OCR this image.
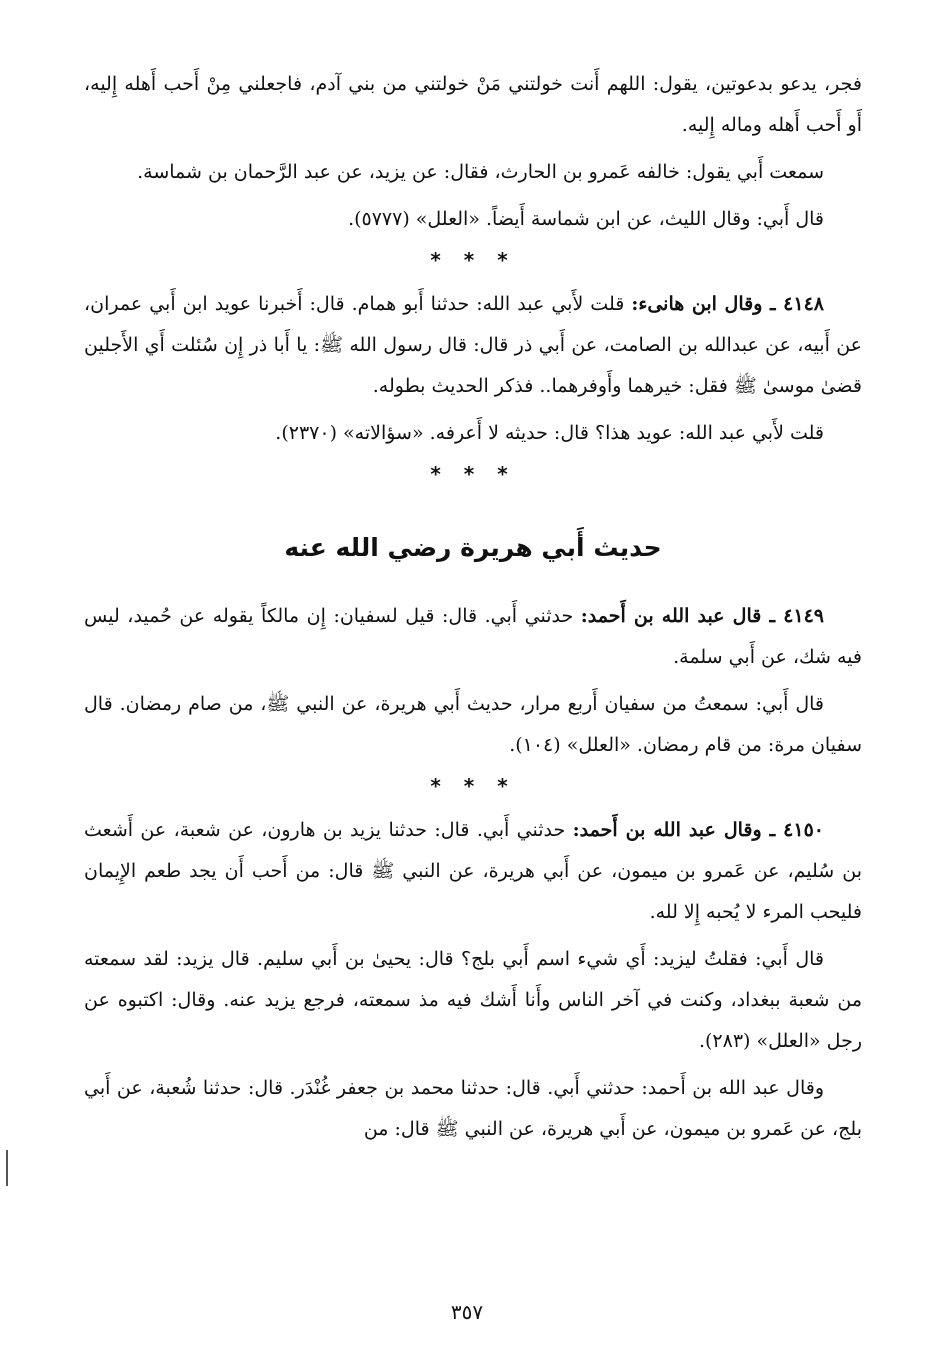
فجر، يدعو بدعوتين، يقول: اللهم أَنت خولتني مَنْ خولتني من بني آدم، فاجعلني مِنْ أَحب أَهله إِليه، أَو أَحب أَهله وماله إِليه.

سمعت أَبي يقول: خالفه عَمرو بن الحارث، فقال: عن يزيد، عن عبد الرَّحمان بن شماسة.

قال أَبي: وقال الليث، عن ابن شماسة أَيضاً. «العلل» (٥٧٧٧).

* * *

٤١٤٨ ـ وقال ابن هانىء: قلت لأَبي عبد الله: حدثنا أَبو همام. قال: أَخبرنا عويد ابن أَبي عمران، عن أَبيه، عن عبدالله بن الصامت، عن أَبي ذر قال: قال رسول الله ﷺ: يا أَبا ذر إِن سُئلت أَي الأَجلين قضىٰ موسىٰ ﷺ فقل: خيرهما وأَوفرهما.. فذكر الحديث بطوله.

قلت لأَبي عبد الله: عويد هذا؟ قال: حديثه لا أَعرفه. «سؤالاته» (٢٣٧٠).

* * *
حديث أَبي هريرة رضي الله عنه

٤١٤٩ ـ قال عبد الله بن أَحمد: حدثني أَبي. قال: قيل لسفيان: إِن مالكاً يقوله عن حُميد، ليس فيه شك، عن أَبي سلمة.

قال أَبي: سمعتُ من سفيان أَربع مرار، حديث أَبي هريرة، عن النبي ﷺ، من صام رمضان. قال سفيان مرة: من قام رمضان. «العلل» (١٠٤).

* * *

٤١٥٠ ـ وقال عبد الله بن أَحمد: حدثني أَبي. قال: حدثنا يزيد بن هارون، عن شعبة، عن أَشعث بن سُليم، عن عَمرو بن ميمون، عن أَبي هريرة، عن النبي ﷺ قال: من أَحب أَن يجد طعم الإِيمان فليحب المرء لا يُحبه إِلا لله.

قال أَبي: فقلتُ ليزيد: أَي شيء اسم أَبي بلج؟ قال: يحيىٰ بن أَبي سليم. قال يزيد: لقد سمعته من شعبة ببغداد، وكنت في آخر الناس وأَنا أَشك فيه مذ سمعته، فرجع يزيد عنه. وقال: اكتبوه عن رجل «العلل» (٢٨٣).

وقال عبد الله بن أَحمد: حدثني أَبي. قال: حدثنا محمد بن جعفر غُنْدَر. قال: حدثنا شُعبة، عن أَبي بلج، عن عَمرو بن ميمون، عن أَبي هريرة، عن النبي ﷺ قال: من

٣٥٧
